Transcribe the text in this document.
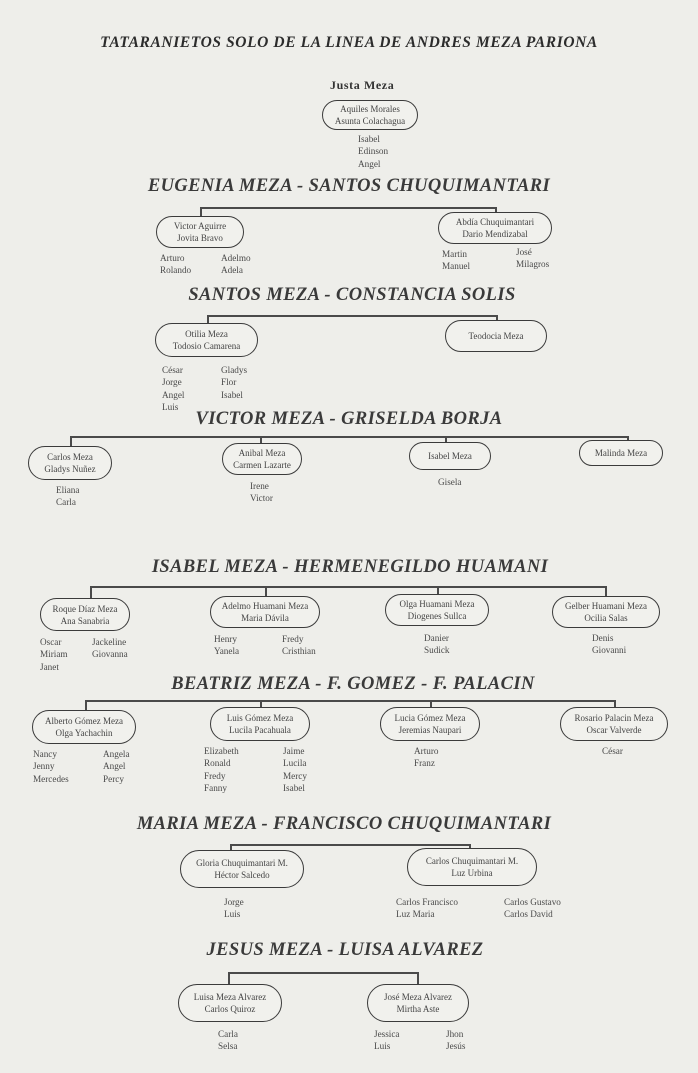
TATARANIETOS SOLO DE LA LINEA DE ANDRES MEZA PARIONA
Justa Meza
Aquiles Morales
Asunta Colachagua
Isabel
Edinson
Angel
EUGENIA MEZA - SANTOS CHUQUIMANTARI
Victor Aguirre
Jovita Bravo
Arturo
Rolando
Adelmo
Adela
Abdía Chuquimantari
Dario Mendizabal
Martin
Manuel
José
Milagros
SANTOS MEZA - CONSTANCIA SOLIS
Otilia Meza
Todosio Camarena
César
Jorge
Angel
Luis
Gladys
Flor
Isabel
Teodocia Meza
VICTOR MEZA - GRISELDA BORJA
Carlos Meza
Gladys Nuñez
Eliana
Carla
Anibal Meza
Carmen Lazarte
Irene
Victor
Isabel Meza
Gisela
Malinda Meza
ISABEL MEZA - HERMENEGILDO HUAMANI
Roque Díaz Meza
Ana Sanabria
Oscar
Miriam
Janet
Jackeline
Giovanna
Adelmo Huamani Meza
Maria Dávila
Henry
Yanela
Fredy
Cristhian
Olga Huamani Meza
Diogenes Sullca
Danier
Sudick
Gelber Huamani Meza
Ocilia Salas
Denis
Giovanni
BEATRIZ MEZA - F. GOMEZ - F. PALACIN
Alberto Gómez Meza
Olga Yachachin
Nancy
Jenny
Mercedes
Angela
Angel
Percy
Luis Gómez Meza
Lucila Pacahuala
Elizabeth
Ronald
Fredy
Fanny
Jaime
Lucila
Mercy
Isabel
Lucia Gómez Meza
Jeremias Naupari
Arturo
Franz
Rosario Palacin Meza
Oscar Valverde
César
MARIA MEZA - FRANCISCO CHUQUIMANTARI
Gloria Chuquimantari M.
Héctor Salcedo
Jorge
Luis
Carlos Chuquimantari M.
Luz Urbina
Carlos Francisco
Luz Maria
Carlos Gustavo
Carlos David
JESUS MEZA - LUISA ALVAREZ
Luisa Meza Alvarez
Carlos Quiroz
Carla
Selsa
José Meza Alvarez
Mirtha Aste
Jessica
Luis
Jhon
Jesús
